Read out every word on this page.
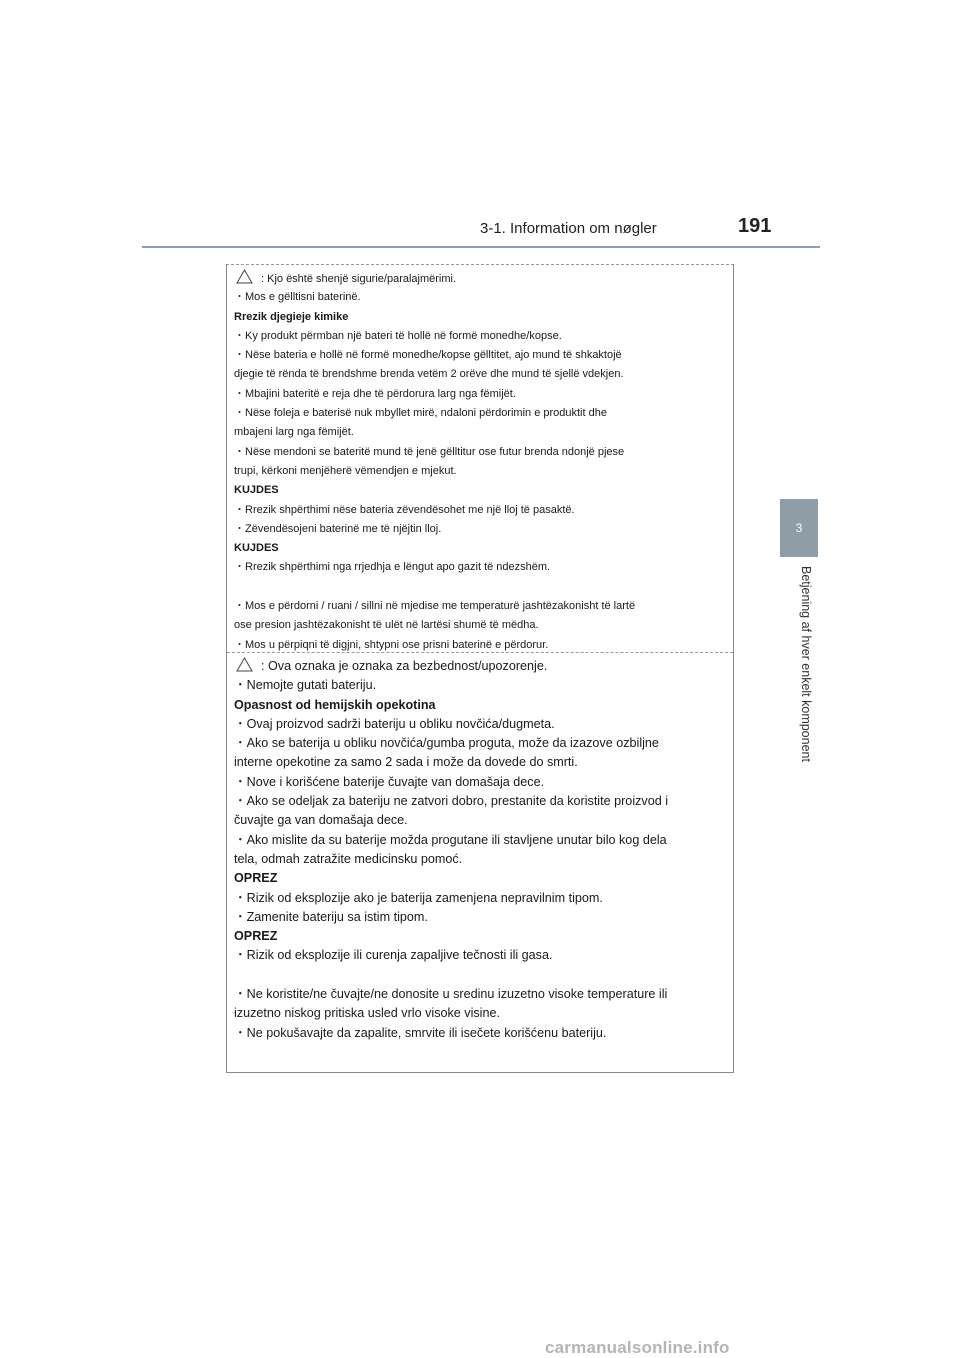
3-1. Information om nøgler	191
3
Betjening af hver enkelt komponent
: Kjo është shenjë sigurie/paralajmërimi.
・Mos e gëlltisni baterinë.
Rrezik djegieje kimike
・Ky produkt përmban një bateri të hollë në formë monedhe/kopse.
・Nëse bateria e hollë në formë monedhe/kopse gëlltitet, ajo mund të shkaktojë
djegie të rënda të brendshme brenda vetëm 2 orëve dhe mund të sjellë vdekjen.
・Mbajini bateritë e reja dhe të përdorura larg nga fëmijët.
・Nëse foleja e baterisë nuk mbyllet mirë, ndaloni përdorimin e produktit dhe
mbajeni larg nga fëmijët.
・Nëse mendoni se bateritë mund të jenë gëlltitur ose futur brenda ndonjë pjese
trupi, kërkoni menjëherë vëmendjen e mjekut.
KUJDES
・Rrezik shpërthimi nëse bateria zëvendësohet me një lloj të pasaktë.
・Zëvendësojeni baterinë me të njëjtin lloj.
KUJDES
・Rrezik shpërthimi nga rrjedhja e lëngut apo gazit të ndezshëm.
・Mos e përdorni / ruani / sillni në mjedise me temperaturë jashtëzakonisht të lartë
ose presion jashtëzakonisht të ulët në lartësi shumë të mëdha.
・Mos u përpiqni të digjni, shtypni ose prisni baterinë e përdorur.
: Ova oznaka je oznaka za bezbednost/upozorenje.
・Nemojte gutati bateriju.
Opasnost od hemijskih opekotina
・Ovaj proizvod sadrži bateriju u obliku novčića/dugmeta.
・Ako se baterija u obliku novčića/gumba proguta, može da izazove ozbiljne
interne opekotine za samo 2 sada i može da dovede do smrti.
・Nove i korišćene baterije čuvajte van domašaja dece.
・Ako se odeljak za bateriju ne zatvori dobro, prestanite da koristite proizvod i
čuvajte ga van domašaja dece.
・Ako mislite da su baterije možda progutane ili stavljene unutar bilo kog dela
tela, odmah zatražite medicinsku pomoć.
OPREZ
・Rizik od eksplozije ako je baterija zamenjena nepravilnim tipom.
・Zamenite bateriju sa istim tipom.
OPREZ
・Rizik od eksplozije ili curenja zapaljive tečnosti ili gasa.
・Ne koristite/ne čuvajte/ne donosite u sredinu izuzetno visoke temperature ili
izuzetno niskog pritiska usled vrlo visoke visine.
・Ne pokušavajte da zapalite, smrvite ili isečete korišćenu bateriju.
carmanualsonline.info
